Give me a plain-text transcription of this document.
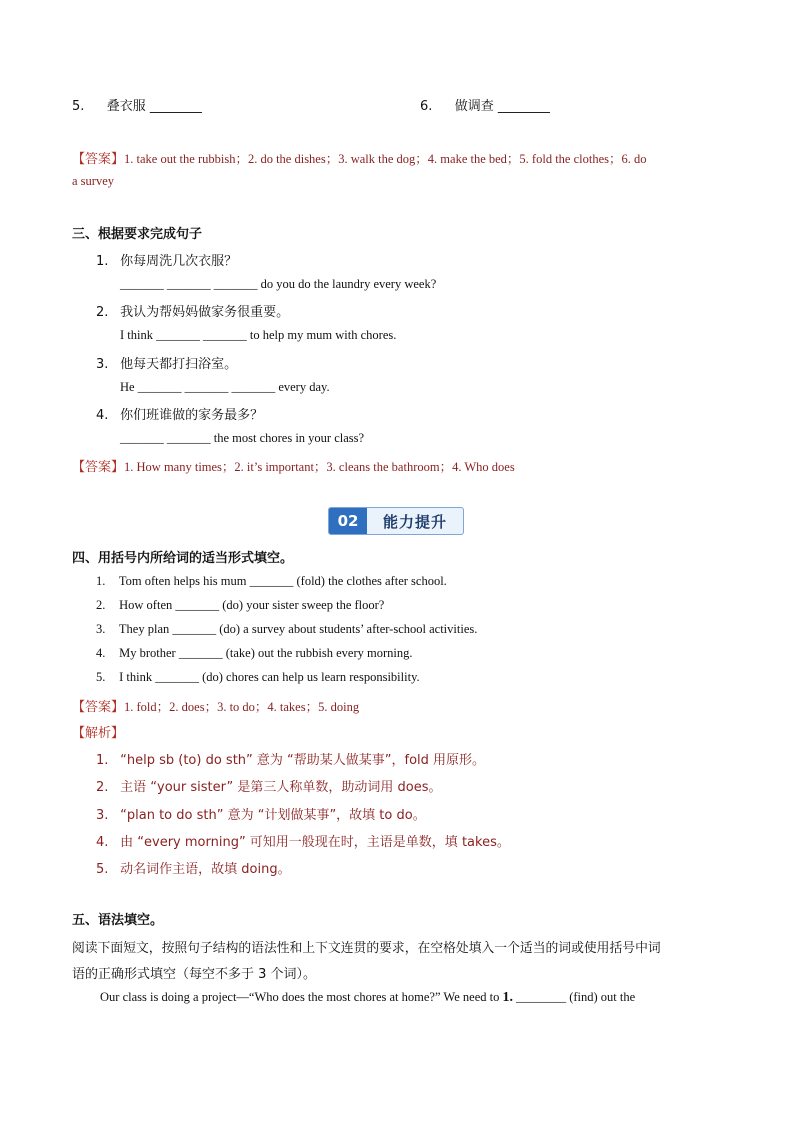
5. 叠衣服 ________	6. 做调查 ________
【答案】1. take out the rubbish；2. do the dishes；3. walk the dog；4. make the bed；5. fold the clothes；6. do
a survey
三、根据要求完成句子
1. 你每周洗几次衣服？
_______ _______ _______ do you do the laundry every week?
2. 我认为帮妈妈做家务很重要。
I think _______ _______ to help my mum with chores.
3. 他每天都打扫浴室。
He _______ _______ _______ every day.
4. 你们班谁做的家务最多？
_______ _______ the most chores in your class?
【答案】1. How many times；2. it’s important；3. cleans the bathroom；4. Who does
02	能力提升
四、用括号内所给词的适当形式填空。
1. Tom often helps his mum _______ (fold) the clothes after school.
2. How often _______ (do) your sister sweep the floor?
3. They plan _______ (do) a survey about students’ after-school activities.
4. My brother _______ (take) out the rubbish every morning.
5. I think _______ (do) chores can help us learn responsibility.
【答案】1. fold；2. does；3. to do；4. takes；5. doing
【解析】
1. “help sb (to) do sth” 意为 “帮助某人做某事”，fold 用原形。
2. 主语 “your sister” 是第三人称单数，助动词用 does。
3. “plan to do sth” 意为 “计划做某事”，故填 to do。
4. 由 “every morning” 可知用一般现在时，主语是单数，填 takes。
5. 动名词作主语，故填 doing。
五、语法填空。
阅读下面短文，按照句子结构的语法性和上下文连贯的要求，在空格处填入一个适当的词或使用括号中词
语的正确形式填空（每空不多于 3 个词）。
Our class is doing a project—“Who does the most chores at home?” We need to 1. ________ (find) out the
